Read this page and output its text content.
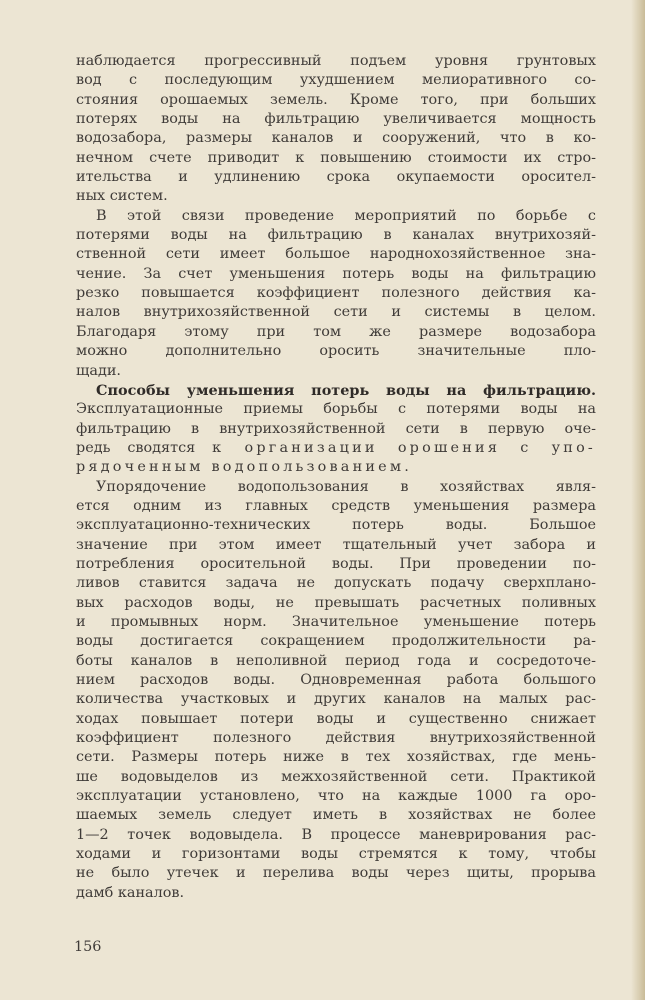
наблюдается прогрессивный подъем уровня грунтовых
вод с последующим ухудшением мелиоративного со-
стояния орошаемых земель. Кроме того, при больших
потерях воды на фильтрацию увеличивается мощность
водозабора, размеры каналов и сооружений, что в ко-
нечном счете приводит к повышению стоимости их стро-
ительства и удлинению срока окупаемости оросител-
ных систем.
В этой связи проведение мероприятий по борьбе с
потерями воды на фильтрацию в каналах внутрихозяй-
ственной сети имеет большое народнохозяйственное зна-
чение. За счет уменьшения потерь воды на фильтрацию
резко повышается коэффициент полезного действия ка-
налов внутрихозяйственной сети и системы в целом.
Благодаря этому при том же размере водозабора
можно дополнительно оросить значительные пло-
щади.
Способы уменьшения потерь воды на фильтрацию.
Эксплуатационные приемы борьбы с потерями воды на
фильтрацию в внутрихозяйственной сети в первую оче-
редь сводятся к организации орошения с упо-
рядоченным водопользованием.
Упорядочение водопользования в хозяйствах явля-
ется одним из главных средств уменьшения размера
эксплуатационно-технических потерь воды. Большое
значение при этом имеет тщательный учет забора и
потребления оросительной воды. При проведении по-
ливов ставится задача не допускать подачу сверхплано-
вых расходов воды, не превышать расчетных поливных
и промывных норм. Значительное уменьшение потерь
воды достигается сокращением продолжительности ра-
боты каналов в неполивной период года и сосредоточе-
нием расходов воды. Одновременная работа большого
количества участковых и других каналов на малых рас-
ходах повышает потери воды и существенно снижает
коэффициент полезного действия внутрихозяйственной
сети. Размеры потерь ниже в тех хозяйствах, где мень-
ше водовыделов из межхозяйственной сети. Практикой
эксплуатации установлено, что на каждые 1000 га оро-
шаемых земель следует иметь в хозяйствах не более
1—2 точек водовыдела. В процессе маневрирования рас-
ходами и горизонтами воды стремятся к тому, чтобы
не было утечек и перелива воды через щиты, прорыва
дамб каналов.
156
